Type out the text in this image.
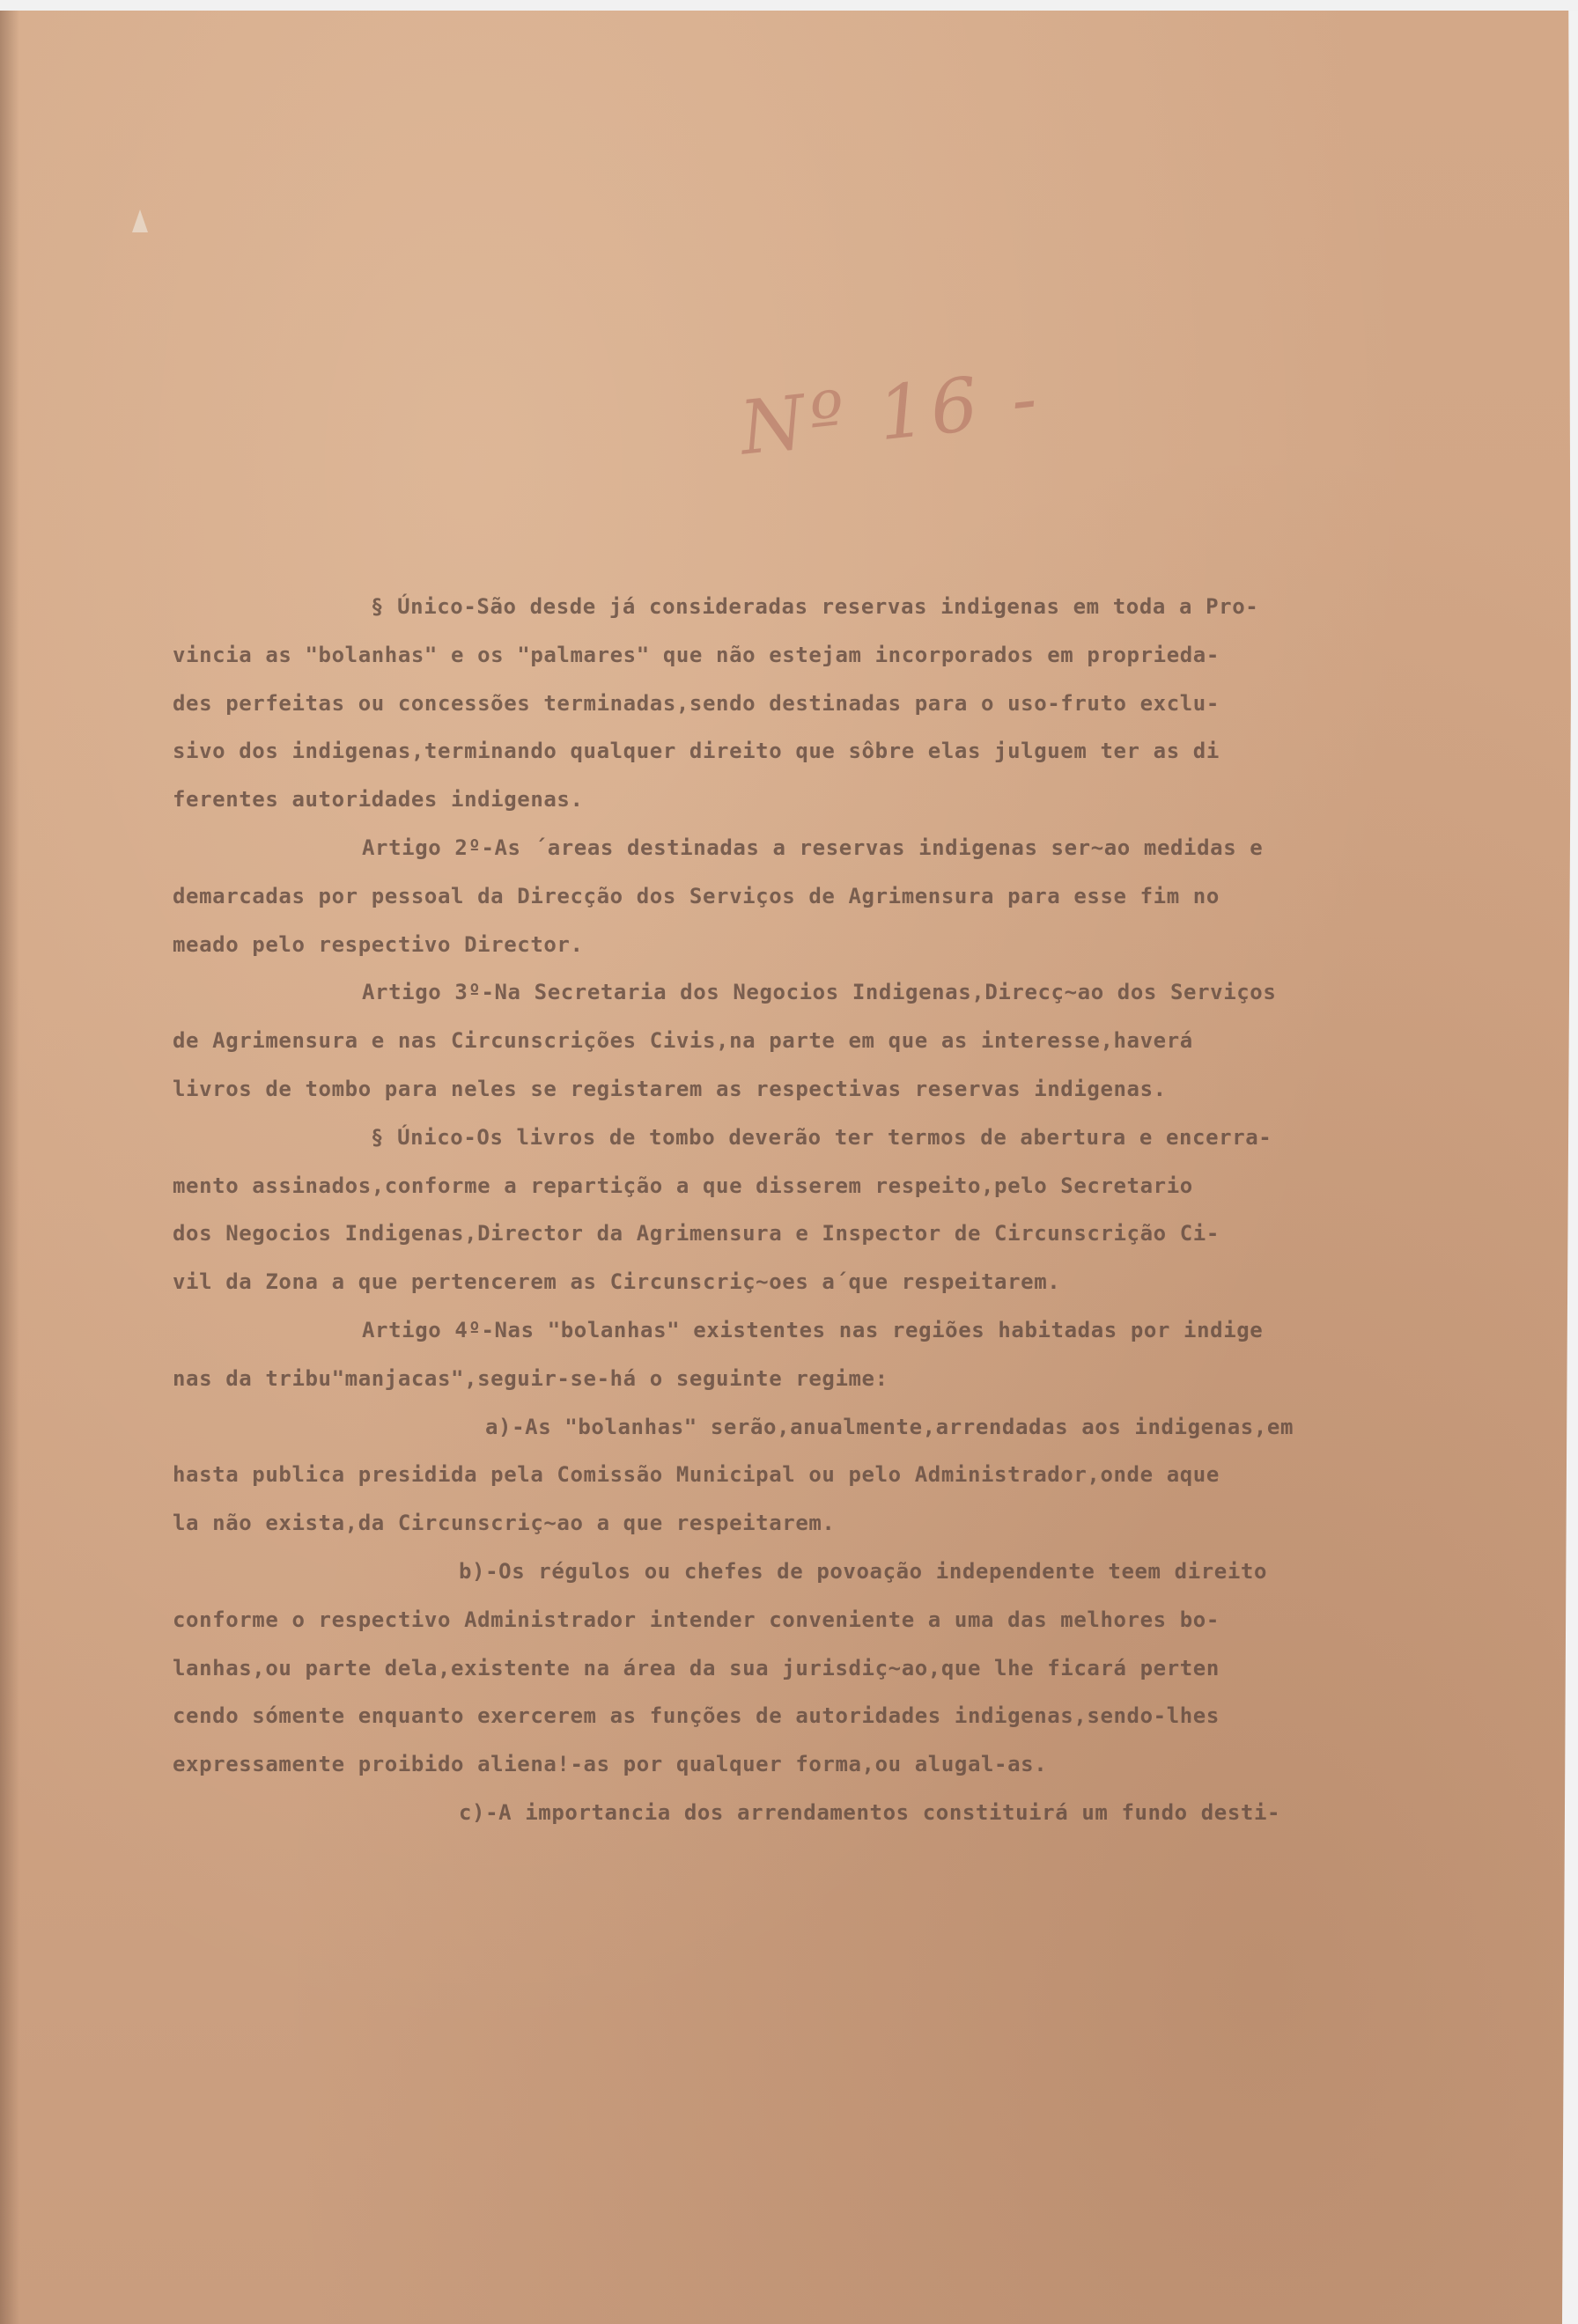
Nº 16 -
§ Único-São desde já consideradas reservas indigenas em toda a Pro-
vincia as "bolanhas" e os "palmares" que não estejam incorporados em proprieda-
des perfeitas ou concessões terminadas,sendo destinadas para o uso-fruto exclu-
sivo dos indigenas,terminando qualquer direito que sôbre elas julguem ter as di
ferentes autoridades indigenas.
Artigo 2º-As ´areas destinadas a reservas indigenas ser~ao medidas e
demarcadas por pessoal da Direcção dos Serviços de Agrimensura para esse fim no
meado pelo respectivo Director.
Artigo 3º-Na Secretaria dos Negocios Indigenas,Direcç~ao dos Serviços
de Agrimensura e nas Circunscrições Civis,na parte em que as interesse,haverá
livros de tombo para neles se registarem as respectivas reservas indigenas.
§ Único-Os livros de tombo deverão ter termos de abertura e encerra-
mento assinados,conforme a repartição a que disserem respeito,pelo Secretario
dos Negocios Indigenas,Director da Agrimensura e Inspector de Circunscrição Ci-
vil da Zona a que pertencerem as Circunscriç~oes a´que respeitarem.
Artigo 4º-Nas "bolanhas" existentes nas regiões habitadas por indige
nas da tribu"manjacas",seguir-se-há o seguinte regime:
a)-As "bolanhas" serão,anualmente,arrendadas aos indigenas,em
hasta publica presidida pela Comissão Municipal ou pelo Administrador,onde aque
la não exista,da Circunscriç~ao a que respeitarem.
b)-Os régulos ou chefes de povoação independente teem direito
conforme o respectivo Administrador intender conveniente a uma das melhores bo-
lanhas,ou parte dela,existente na área da sua jurisdiç~ao,que lhe ficará perten
cendo sómente enquanto exercerem as funções de autoridades indigenas,sendo-lhes
expressamente proibido aliena!-as por qualquer forma,ou alugal-as.
c)-A importancia dos arrendamentos constituirá um fundo desti-
